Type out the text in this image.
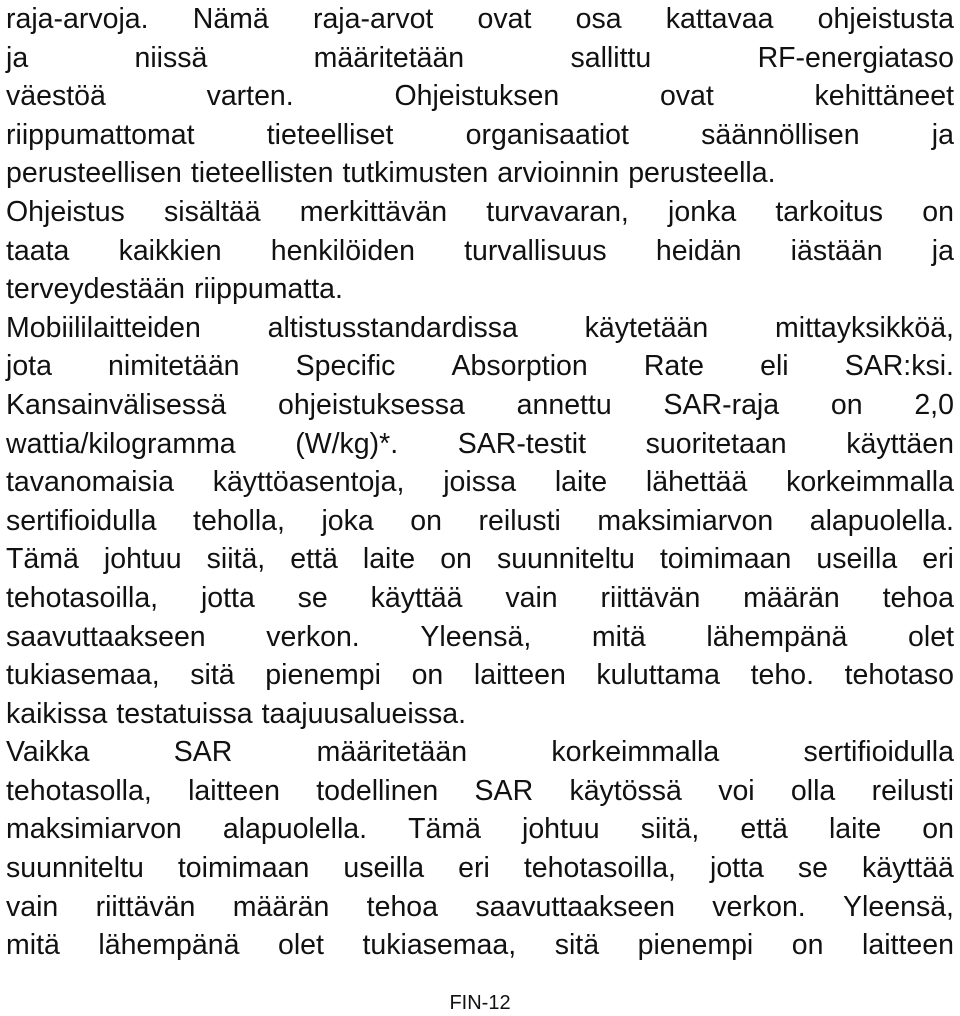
raja-arvoja. Nämä raja-arvot ovat osa kattavaa ohjeistusta
ja	niissä	määritetään	sallittu	RF-energiataso
väestöä	varten.	Ohjeistuksen	ovat	kehittäneet
riippumattomat	tieteelliset	organisaatiot	säännöllisen	ja
perusteellisen tieteellisten tutkimusten arvioinnin perusteella.
Ohjeistus sisältää merkittävän turvavaran, jonka tarkoitus on
taata kaikkien henkilöiden turvallisuus heidän iästään ja
terveydestään riippumatta.
Mobiililaitteiden altistusstandardissa käytetään mittayksikköä,
jota nimitetään Specific Absorption Rate eli SAR:ksi.
Kansainvälisessä ohjeistuksessa annettu SAR-raja on 2,0
wattia/kilogramma (W/kg)*. SAR-testit suoritetaan käyttäen
tavanomaisia käyttöasentoja, joissa laite lähettää korkeimmalla
sertifioidulla teholla, joka on reilusti maksimiarvon alapuolella.
Tämä johtuu siitä, että laite on suunniteltu toimimaan useilla eri
tehotasoilla, jotta se käyttää vain riittävän määrän tehoa
saavuttaakseen verkon. Yleensä, mitä lähempänä olet
tukiasemaa, sitä pienempi on laitteen kuluttama teho. tehotaso
kaikissa testatuissa taajuusalueissa.
Vaikka	SAR	määritetään	korkeimmalla	sertifioidulla
tehotasolla, laitteen todellinen SAR käytössä voi olla reilusti
maksimiarvon alapuolella. Tämä johtuu siitä, että laite on
suunniteltu toimimaan useilla eri tehotasoilla, jotta se käyttää
vain riittävän määrän tehoa saavuttaakseen verkon. Yleensä,
mitä lähempänä olet tukiasemaa, sitä pienempi on laitteen
FIN-12
